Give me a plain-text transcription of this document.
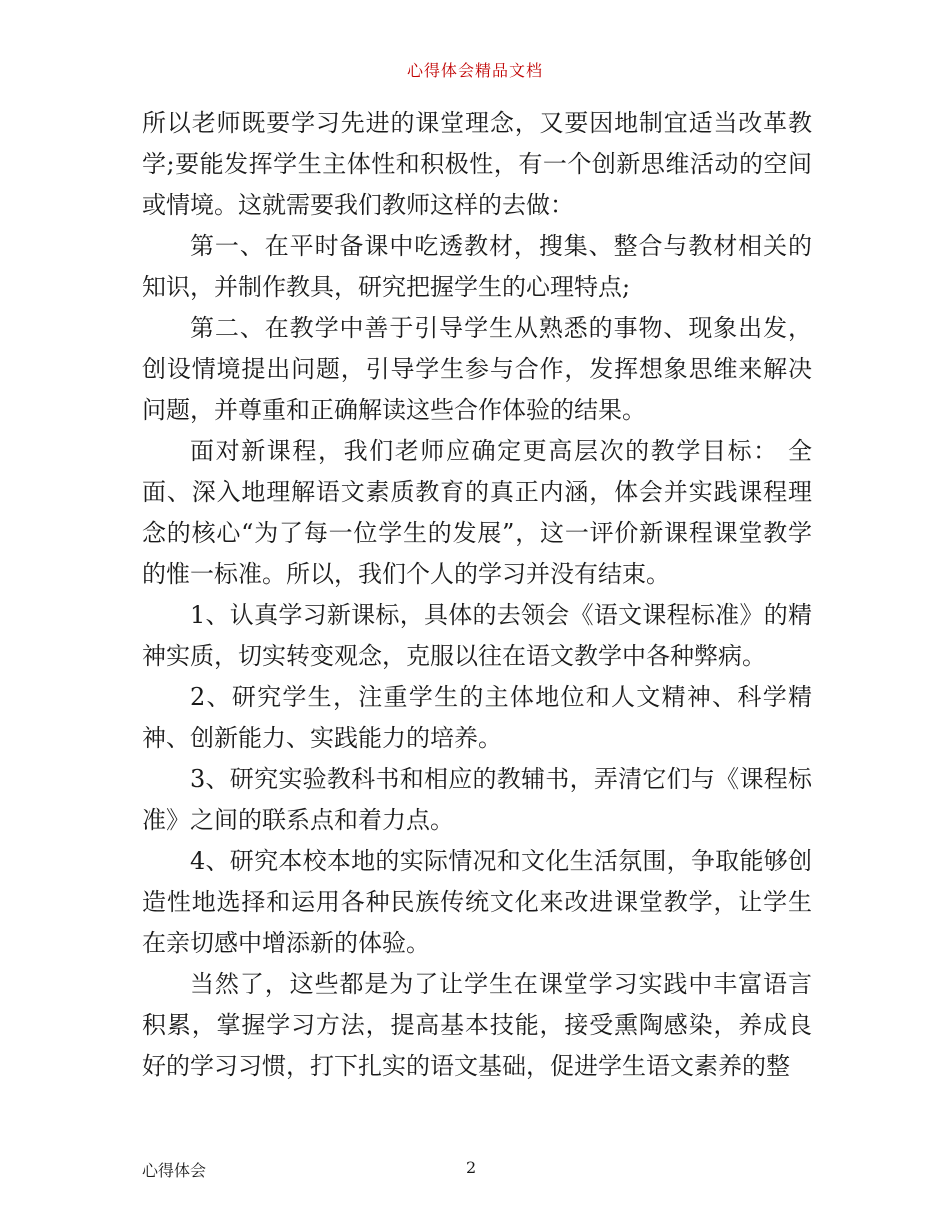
心得体会精品文档

所以老师既要学习先进的课堂理念，又要因地制宜适当改革教学;要能发挥学生主体性和积极性，有一个创新思维活动的空间或情境。这就需要我们教师这样的去做：

第一、在平时备课中吃透教材，搜集、整合与教材相关的知识，并制作教具，研究把握学生的心理特点;

第二、在教学中善于引导学生从熟悉的事物、现象出发，创设情境提出问题，引导学生参与合作，发挥想象思维来解决问题，并尊重和正确解读这些合作体验的结果。

面对新课程，我们老师应确定更高层次的教学目标： 全面、深入地理解语文素质教育的真正内涵，体会并实践课程理念的核心“为了每一位学生的发展”，这一评价新课程课堂教学的惟一标准。所以，我们个人的学习并没有结束。

1、认真学习新课标，具体的去领会《语文课程标准》的精神实质，切实转变观念，克服以往在语文教学中各种弊病。

2、研究学生，注重学生的主体地位和人文精神、科学精神、创新能力、实践能力的培养。

3、研究实验教科书和相应的教辅书，弄清它们与《课程标准》之间的联系点和着力点。

4、研究本校本地的实际情况和文化生活氛围，争取能够创造性地选择和运用各种民族传统文化来改进课堂教学，让学生在亲切感中增添新的体验。

当然了，这些都是为了让学生在课堂学习实践中丰富语言积累，掌握学习方法，提高基本技能，接受熏陶感染，养成良好的学习习惯，打下扎实的语文基础，促进学生语文素养的整

心得体会	2
